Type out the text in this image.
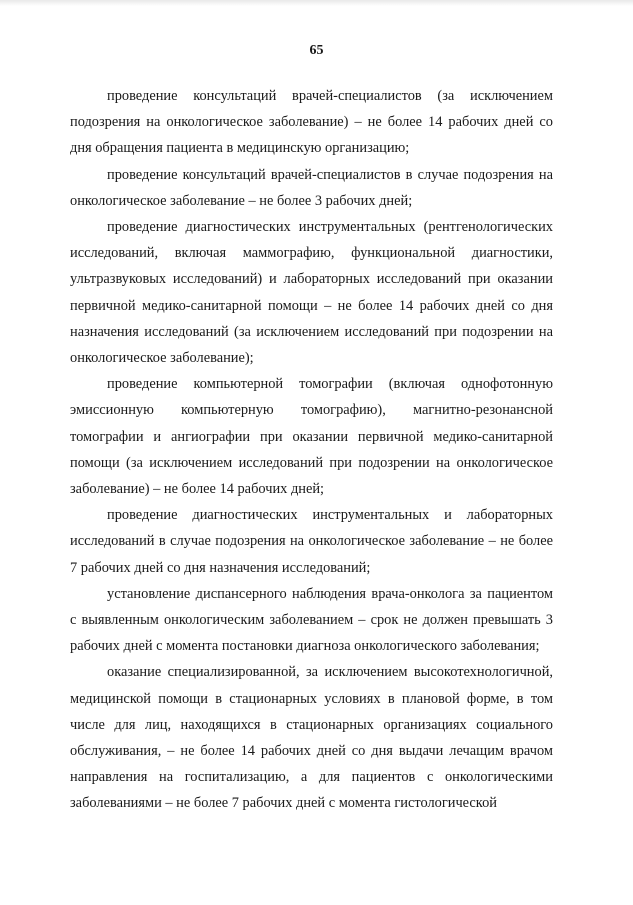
65

проведение консультаций врачей-специалистов (за исключением подозрения на онкологическое заболевание) – не более 14 рабочих дней со дня обращения пациента в медицинскую организацию;

проведение консультаций врачей-специалистов в случае подозрения на онкологическое заболевание – не более 3 рабочих дней;

проведение диагностических инструментальных (рентгенологических исследований, включая маммографию, функциональной диагностики, ультразвуковых исследований) и лабораторных исследований при оказании первичной медико-санитарной помощи – не более 14 рабочих дней со дня назначения исследований (за исключением исследований при подозрении на онкологическое заболевание);

проведение компьютерной томографии (включая однофотонную эмиссионную компьютерную томографию), магнитно-резонансной томографии и ангиографии при оказании первичной медико-санитарной помощи (за исключением исследований при подозрении на онкологическое заболевание) – не более 14 рабочих дней;

проведение диагностических инструментальных и лабораторных исследований в случае подозрения на онкологическое заболевание – не более 7 рабочих дней со дня назначения исследований;

установление диспансерного наблюдения врача-онколога за пациентом с выявленным онкологическим заболеванием – срок не должен превышать 3 рабочих дней с момента постановки диагноза онкологического заболевания;

оказание специализированной, за исключением высокотехнологичной, медицинской помощи в стационарных условиях в плановой форме, в том числе для лиц, находящихся в стационарных организациях социального обслуживания, – не более 14 рабочих дней со дня выдачи лечащим врачом направления на госпитализацию, а для пациентов с онкологическими заболеваниями – не более 7 рабочих дней с момента гистологической
